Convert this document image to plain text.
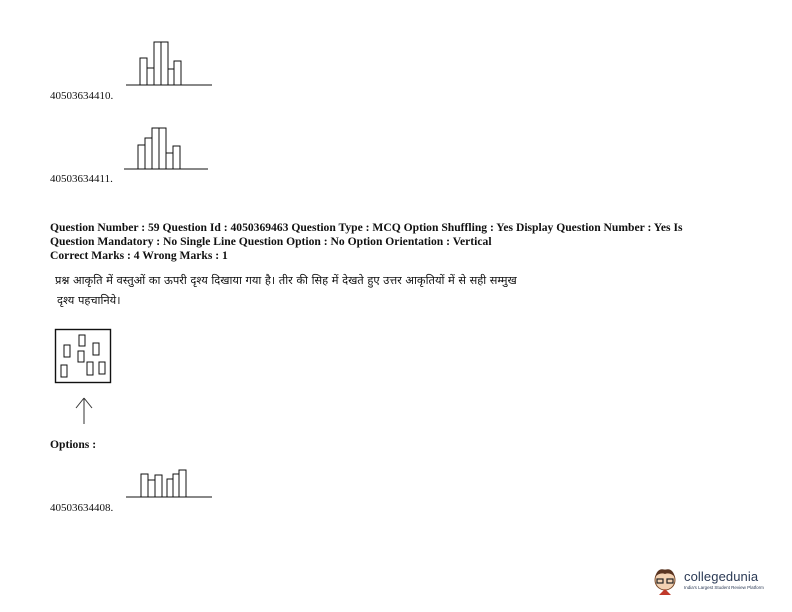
40503634410.
40503634411.
Question Number : 59 Question Id : 4050369463 Question Type : MCQ Option Shuffling : Yes Display Question Number : Yes Is
Question Mandatory : No Single Line Question Option : No Option Orientation : Vertical
Correct Marks : 4 Wrong Marks : 1
प्रश्न आकृति में वस्तुओं का ऊपरी दृश्य दिखाया गया है। तीर की सिह में देखते हुए उत्तर आकृतियों में से सही सम्मुख
दृश्य पहचानिये।
Options :
40503634408.
collegedunia
India's Largest Student Review Platform
